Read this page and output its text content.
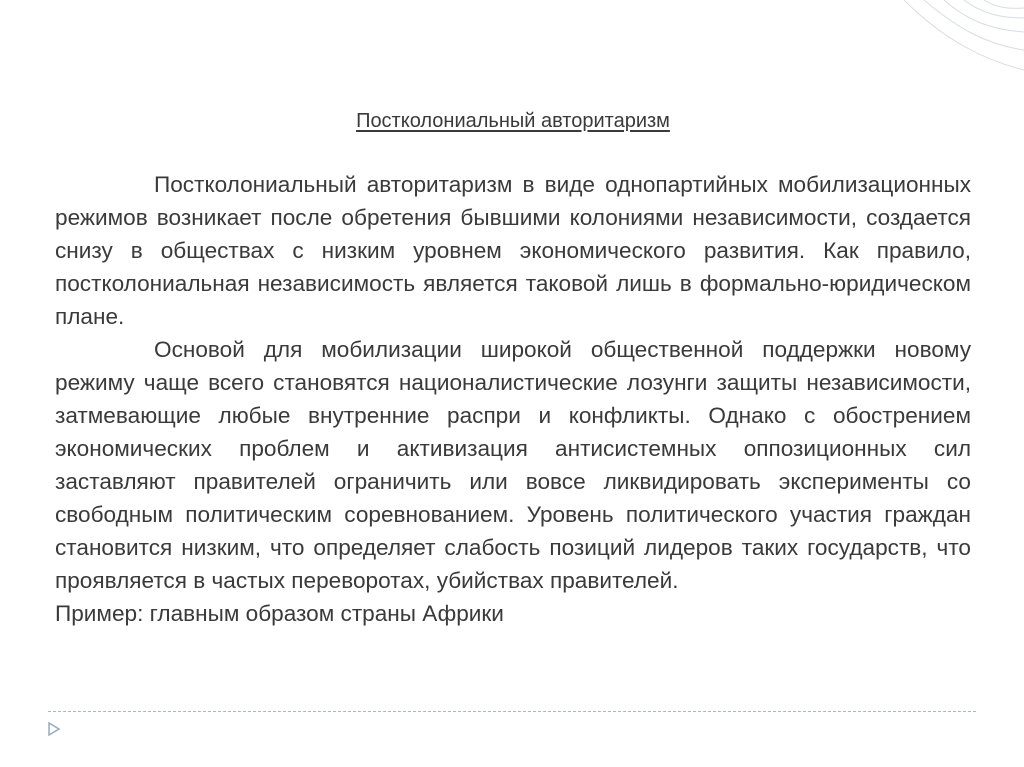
Постколониальный авторитаризм

Постколониальный авторитаризм в виде однопартийных мобилизационных режимов возникает после обретения бывшими колониями независимости, создается снизу в обществах с низким уровнем экономического развития. Как правило, постколониальная независимость является таковой лишь в формально-юридическом плане.

Основой для мобилизации широкой общественной поддержки новому режиму чаще всего становятся националистические лозунги защиты независимости, затмевающие любые внутренние распри и конфликты. Однако с обострением экономических проблем и активизация антисистемных оппозиционных сил заставляют правителей ограничить или вовсе ликвидировать эксперименты со свободным политическим соревнованием. Уровень политического участия граждан становится низким, что определяет слабость позиций лидеров таких государств, что проявляется в частых переворотах, убийствах правителей.

Пример: главным образом страны Африки
